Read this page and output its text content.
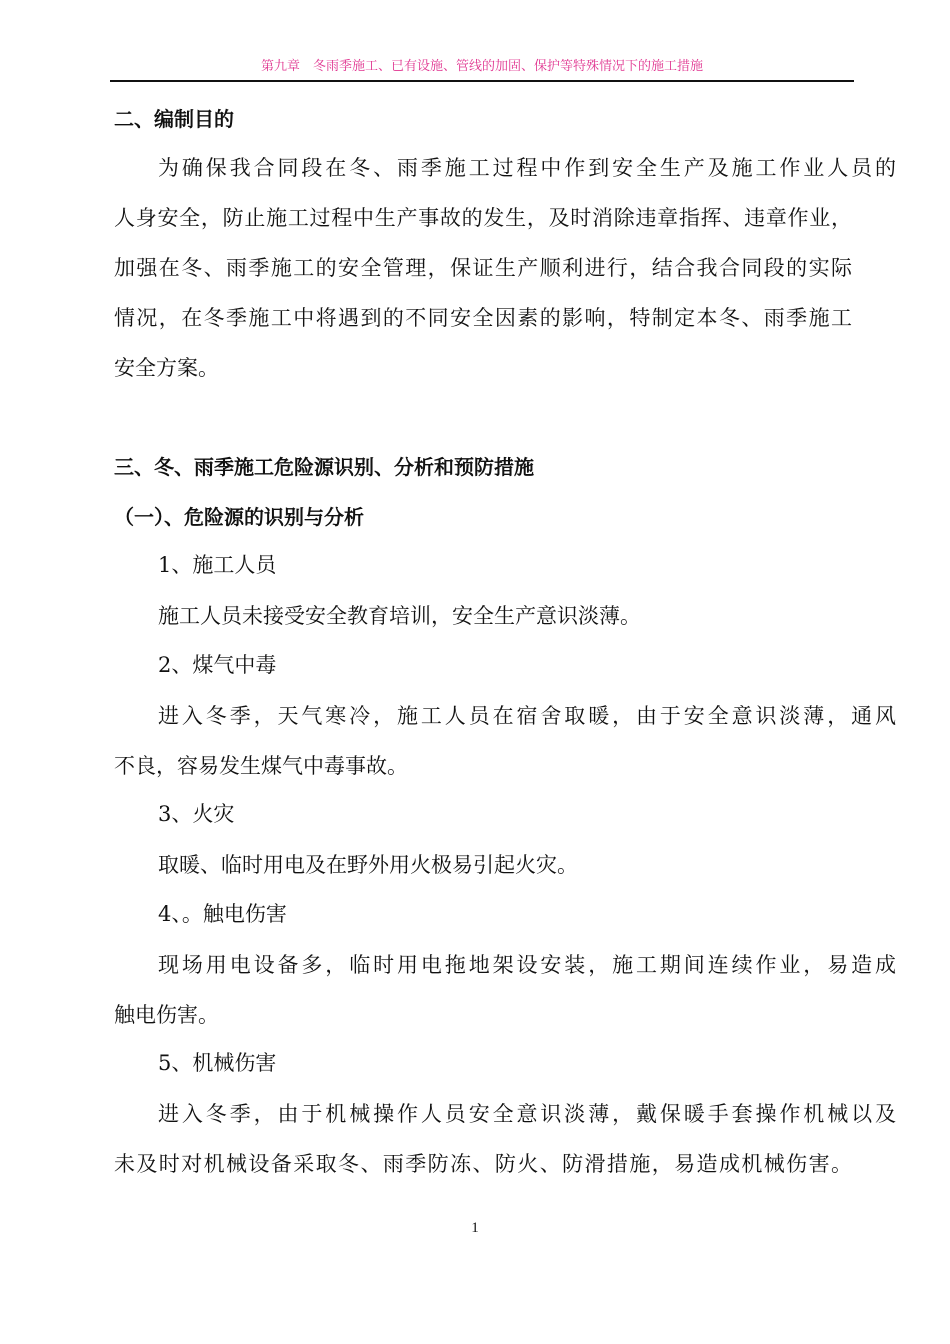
第九章　冬雨季施工、已有设施、管线的加固、保护等特殊情况下的施工措施
二、编制目的
为确保我合同段在冬、雨季施工过程中作到安全生产及施工作业人员的
人身安全，防止施工过程中生产事故的发生，及时消除违章指挥、违章作业，
加强在冬、雨季施工的安全管理，保证生产顺利进行，结合我合同段的实际
情况，在冬季施工中将遇到的不同安全因素的影响，特制定本冬、雨季施工
安全方案。
三、冬、雨季施工危险源识别、分析和预防措施
（一）、危险源的识别与分析
1、施工人员
施工人员未接受安全教育培训，安全生产意识淡薄。
2、煤气中毒
进入冬季，天气寒冷，施工人员在宿舍取暖，由于安全意识淡薄，通风
不良，容易发生煤气中毒事故。
3、火灾
取暖、临时用电及在野外用火极易引起火灾。
4、。触电伤害
现场用电设备多，临时用电拖地架设安装，施工期间连续作业，易造成
触电伤害。
5、机械伤害
进入冬季，由于机械操作人员安全意识淡薄，戴保暖手套操作机械以及
未及时对机械设备采取冬、雨季防冻、防火、防滑措施，易造成机械伤害。
1
